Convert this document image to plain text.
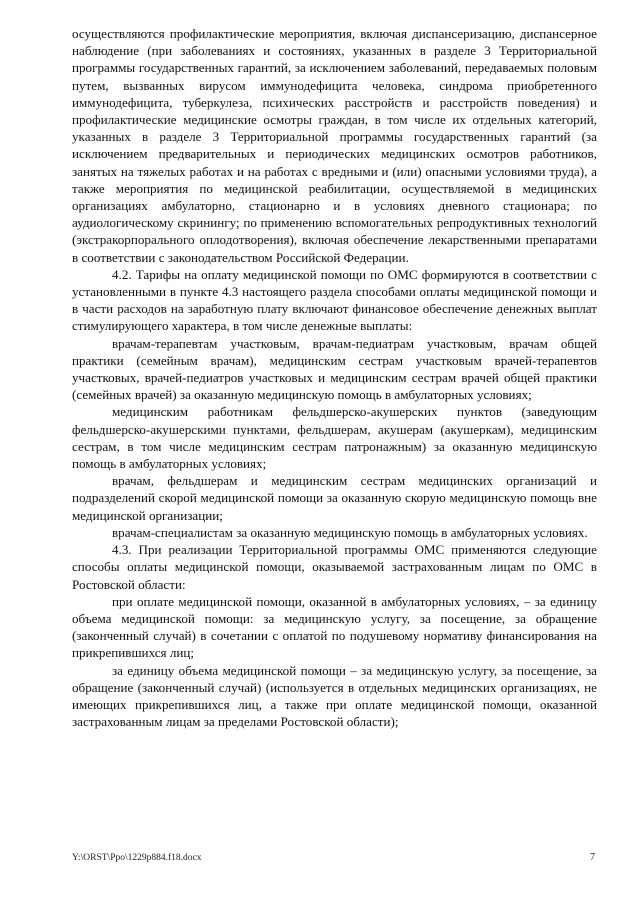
осуществляются профилактические мероприятия, включая диспансеризацию, диспансерное наблюдение (при заболеваниях и состояниях, указанных в разделе 3 Территориальной программы государственных гарантий, за исключением заболеваний, передаваемых половым путем, вызванных вирусом иммунодефицита человека, синдрома приобретенного иммунодефицита, туберкулеза, психических расстройств и расстройств поведения) и профилактические медицинские осмотры граждан, в том числе их отдельных категорий, указанных в разделе 3 Территориальной программы государственных гарантий (за исключением предварительных и периодических медицинских осмотров работников, занятых на тяжелых работах и на работах с вредными и (или) опасными условиями труда), а также мероприятия по медицинской реабилитации, осуществляемой в медицинских организациях амбулаторно, стационарно и в условиях дневного стационара; по аудиологическому скринингу; по применению вспомогательных репродуктивных технологий (экстракорпорального оплодотворения), включая обеспечение лекарственными препаратами в соответствии с законодательством Российской Федерации.

4.2. Тарифы на оплату медицинской помощи по ОМС формируются в соответствии с установленными в пункте 4.3 настоящего раздела способами оплаты медицинской помощи и в части расходов на заработную плату включают финансовое обеспечение денежных выплат стимулирующего характера, в том числе денежные выплаты:

врачам-терапевтам участковым, врачам-педиатрам участковым, врачам общей практики (семейным врачам), медицинским сестрам участковым врачей-терапевтов участковых, врачей-педиатров участковых и медицинским сестрам врачей общей практики (семейных врачей) за оказанную медицинскую помощь в амбулаторных условиях;

медицинским работникам фельдшерско-акушерских пунктов (заведующим фельдшерско-акушерскими пунктами, фельдшерам, акушерам (акушеркам), медицинским сестрам, в том числе медицинским сестрам патронажным) за оказанную медицинскую помощь в амбулаторных условиях;

врачам, фельдшерам и медицинским сестрам медицинских организаций и подразделений скорой медицинской помощи за оказанную скорую медицинскую помощь вне медицинской организации;

врачам-специалистам за оказанную медицинскую помощь в амбулаторных условиях.

4.3. При реализации Территориальной программы ОМС применяются следующие способы оплаты медицинской помощи, оказываемой застрахованным лицам по ОМС в Ростовской области:

при оплате медицинской помощи, оказанной в амбулаторных условиях, – за единицу объема медицинской помощи: за медицинскую услугу, за посещение, за обращение (законченный случай) в сочетании с оплатой по подушевому нормативу финансирования на прикрепившихся лиц;

за единицу объема медицинской помощи – за медицинскую услугу, за посещение, за обращение (законченный случай) (используется в отдельных медицинских организациях, не имеющих прикрепившихся лиц, а также при оплате медицинской помощи, оказанной застрахованным лицам за пределами Ростовской области);

Y:\ORST\Ppo\1229p884.f18.docx	7
